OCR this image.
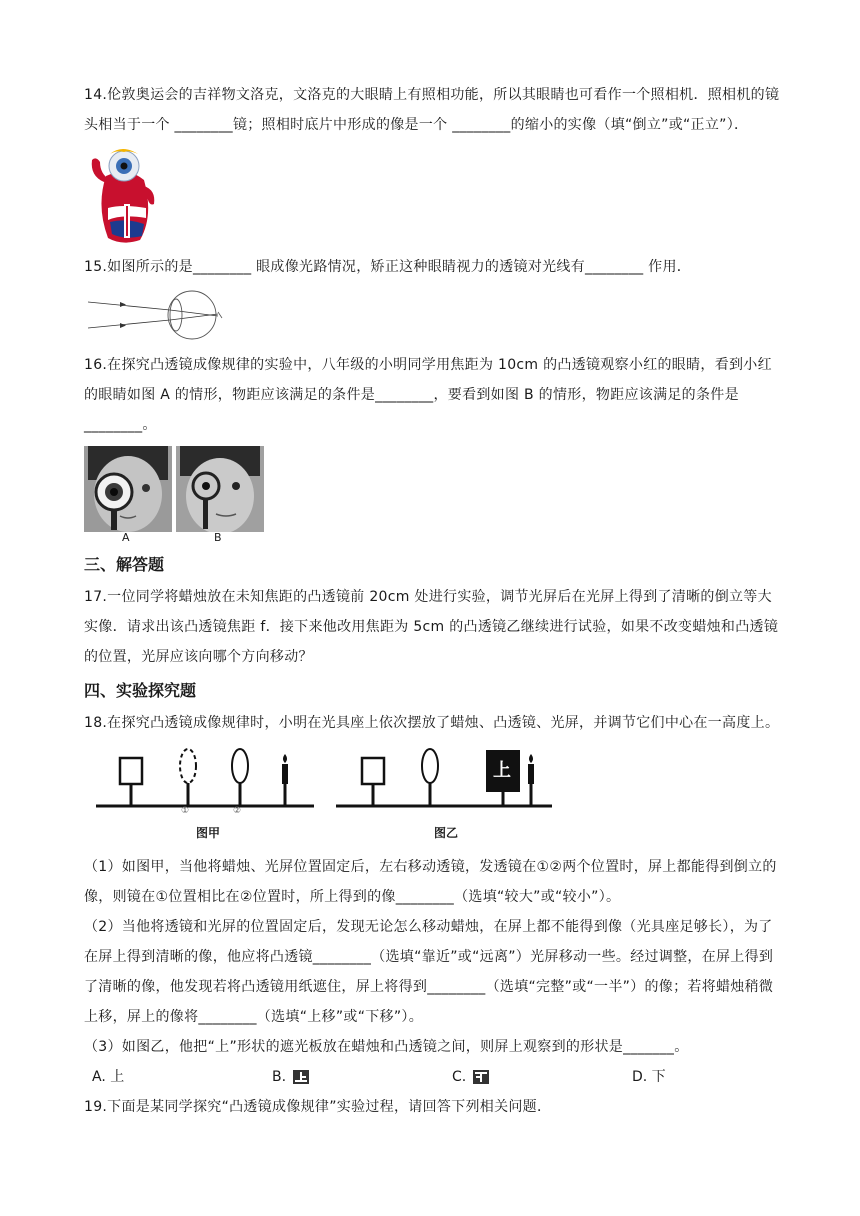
14.伦敦奥运会的吉祥物文洛克，文洛克的大眼睛上有照相功能，所以其眼睛也可看作一个照相机．照相机的镜头相当于一个 ________镜；照相时底片中形成的像是一个 ________的缩小的实像（填“倒立”或“正立”）．

15.如图所示的是________ 眼成像光路情况，矫正这种眼睛视力的透镜对光线有________ 作用．

16.在探究凸透镜成像规律的实验中，八年级的小明同学用焦距为 10cm 的凸透镜观察小红的眼睛，看到小红的眼睛如图 A 的情形，物距应该满足的条件是________，要看到如图 B 的情形，物距应该满足的条件是________。

A	B
三、解答题

17.一位同学将蜡烛放在未知焦距的凸透镜前 20cm 处进行实验，调节光屏后在光屏上得到了清晰的倒立等大实像．请求出该凸透镜焦距 f．接下来他改用焦距为 5cm 的凸透镜乙继续进行试验，如果不改变蜡烛和凸透镜的位置，光屏应该向哪个方向移动？

四、实验探究题

18.在探究凸透镜成像规律时，小明在光具座上依次摆放了蜡烛、凸透镜、光屏，并调节它们中心在一高度上。

①	②
图甲	图乙
上

（1）如图甲，当他将蜡烛、光屏位置固定后，左右移动透镜，发透镜在①②两个位置时，屏上都能得到倒立的像，则镜在①位置相比在②位置时，所上得到的像________（选填“较大”或“较小”）。

（2）当他将透镜和光屏的位置固定后，发现无论怎么移动蜡烛，在屏上都不能得到像（光具座足够长），为了在屏上得到清晰的像，他应将凸透镜________（选填“靠近”或“远离”）光屏移动一些。经过调整，在屏上得到了清晰的像，他发现若将凸透镜用纸遮住，屏上将得到________（选填“完整”或“一半”）的像；若将蜡烛稍微上移，屏上的像将________（选填“上移”或“下移”）。

（3）如图乙，他把“上”形状的遮光板放在蜡烛和凸透镜之间，则屏上观察到的形状是_______。

A. 上	B.	C.	D. 下

19.下面是某同学探究“凸透镜成像规律”实验过程，请回答下列相关问题．
